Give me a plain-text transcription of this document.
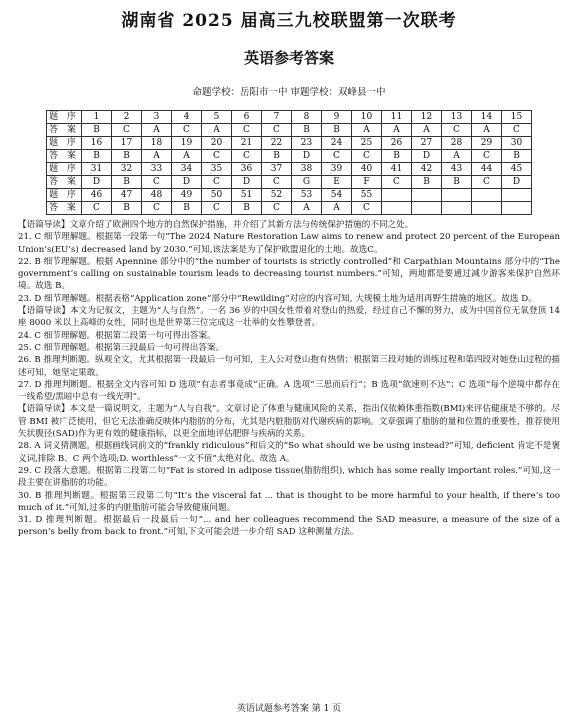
湖南省 2025 届高三九校联盟第一次联考
英语参考答案
命题学校：岳阳市一中 审题学校：双峰县一中
题 序	1	2	3	4	5	6	7	8	9	10	11	12	13	14	15
答 案	B	C	A	C	A	C	C	B	B	A	A	A	C	A	C
题 序	16	17	18	19	20	21	22	23	24	25	26	27	28	29	30
答 案	B	B	A	A	C	C	B	D	C	C	B	D	A	C	B
题 序	31	32	33	34	35	36	37	38	39	40	41	42	43	44	45
答 案	D	B	C	D	C	D	C	G	E	F	C	B	B	C	D
题 序	46	47	48	49	50	51	52	53	54	55					
答 案	C	B	C	B	C	B	C	A	A	C					

【语篇导读】文章介绍了欧洲四个地方的自然保护措施，并介绍了其新方法与传统保护措施的不同之处。

21. C 细节理解题。根据第一段第一句“The 2024 Nature Restoration Law aims to renew and protect 20 percent of the European Union’s(EU’s) decreased land by 2030.”可知,该法案是为了保护欧盟退化的土地。故选C。

22. B 细节理解题。根据 Apennine 部分中的“the number of tourists is strictly controlled”和 Carpathian Mountains 部分中的“The government’s calling on sustainable tourism leads to decreasing tourist numbers.”可知，两地都是要通过减少游客来保护自然环境。故选 B。

23. D 细节理解题。根据表格“Application zone”部分中“Rewilding”对应的内容可知, 大规模土地为适用再野生措施的地区。故选 D。

【语篇导读】本文为记叙文，主题为“人与自然”。一名 36 岁的中国女性带着对登山的热爱，经过自己不懈的努力，成为中国首位无氧登顶 14 座 8000 米以上高峰的女性，同时也是世界第三位完成这一壮举的女性攀登者。

24. C 细节理解题。根据第二段第一句可得出答案。

25. C 细节理解题。根据第三段最后一句可得出答案。

26. B 推理判断题。纵观全文，尤其根据第一段最后一句可知，主人公对登山抱有热情；根据第三段对她的训练过程和第四段对她登山过程的描述可知，她坚定果敢。

27. D 推理判断题。根据全文内容可知 D 选项“有志者事竟成”正确。A 选项“三思而后行”；B 选项“欲速则不达”；C 选项“每个逆境中都存在一线希望/黑暗中总有一线光明”。

【语篇导读】本文是一篇说明文，主题为“人与自我”。文章讨论了体重与健康风险的关系，指出仅依赖体重指数(BMI)来评估健康是不够的。尽管 BMI 被广泛使用，但它无法准确反映体内脂肪的分布，尤其是内脏脂肪对代谢疾病的影响。文章强调了脂肪的量和位置的重要性，推荐使用矢状腹径(SAD)作为更有效的健康指标，以更全面地评估肥胖与疾病的关系。

28. A 词义猜测题。根据画线词前文的“frankly ridiculous”和后文的“So what should we be using instead?”可知, deficient 肯定不是褒义词,排除 B、C 两个选项;D. worthless“一文不值”太绝对化。故选 A。

29. C 段落大意题。根据第二段第二句“Fat is stored in adipose tissue(脂肪组织), which has some really important roles.”可知,这一段主要在讲脂肪的功能。

30. B 推理判断题。根据第三段第二句“It’s the visceral fat ... that is thought to be more harmful to your health, if there’s too much of it.”可知,过多的内脏脂肪可能会导致健康问题。

31. D 推理判断题。根据最后一段最后一句“... and her colleagues recommend the SAD measure, a measure of the size of a person’s belly from back to front.”可知,下文可能会进一步介绍 SAD 这种测量方法。

英语试题参考答案 第 1 页
